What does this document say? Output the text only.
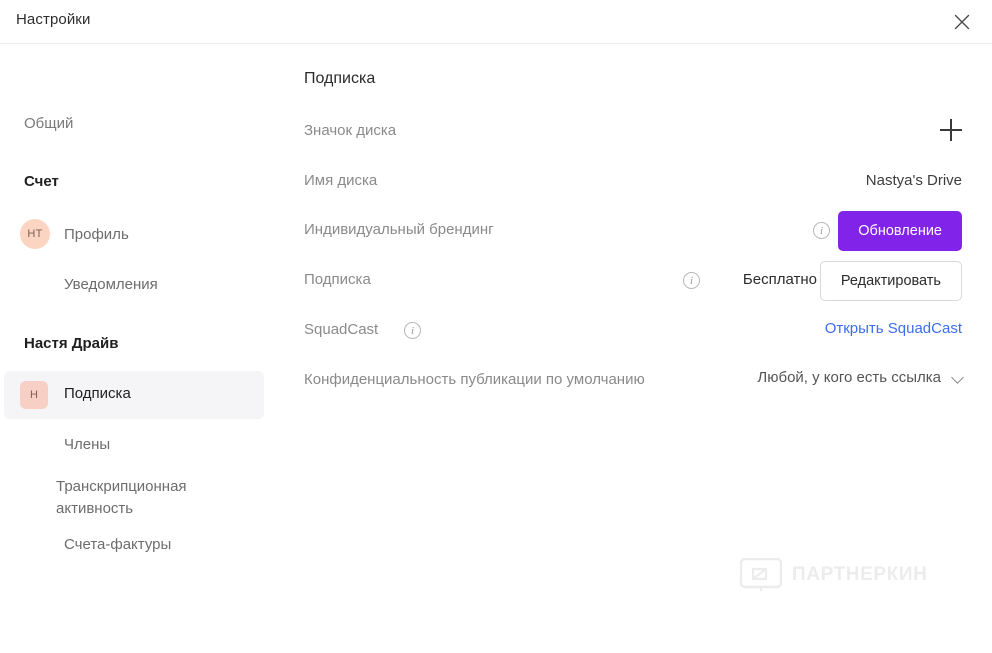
Настройки
Общий
Счет
НТ	Профиль
Уведомления
Настя Драйв
Н	Подписка
Члены
Транскрипционная активность
Счета-фактуры
Подписка
Значок диска
Имя диска	Nastya's Drive
Индивидуальный брендинг	i	Обновление
Подписка	i	Бесплатно	Редактировать
SquadCast	i	Открыть SquadCast
Конфиденциальность публикации по умолчанию	Любой, у кого есть ссылка
ПАРТНЕРКИН
